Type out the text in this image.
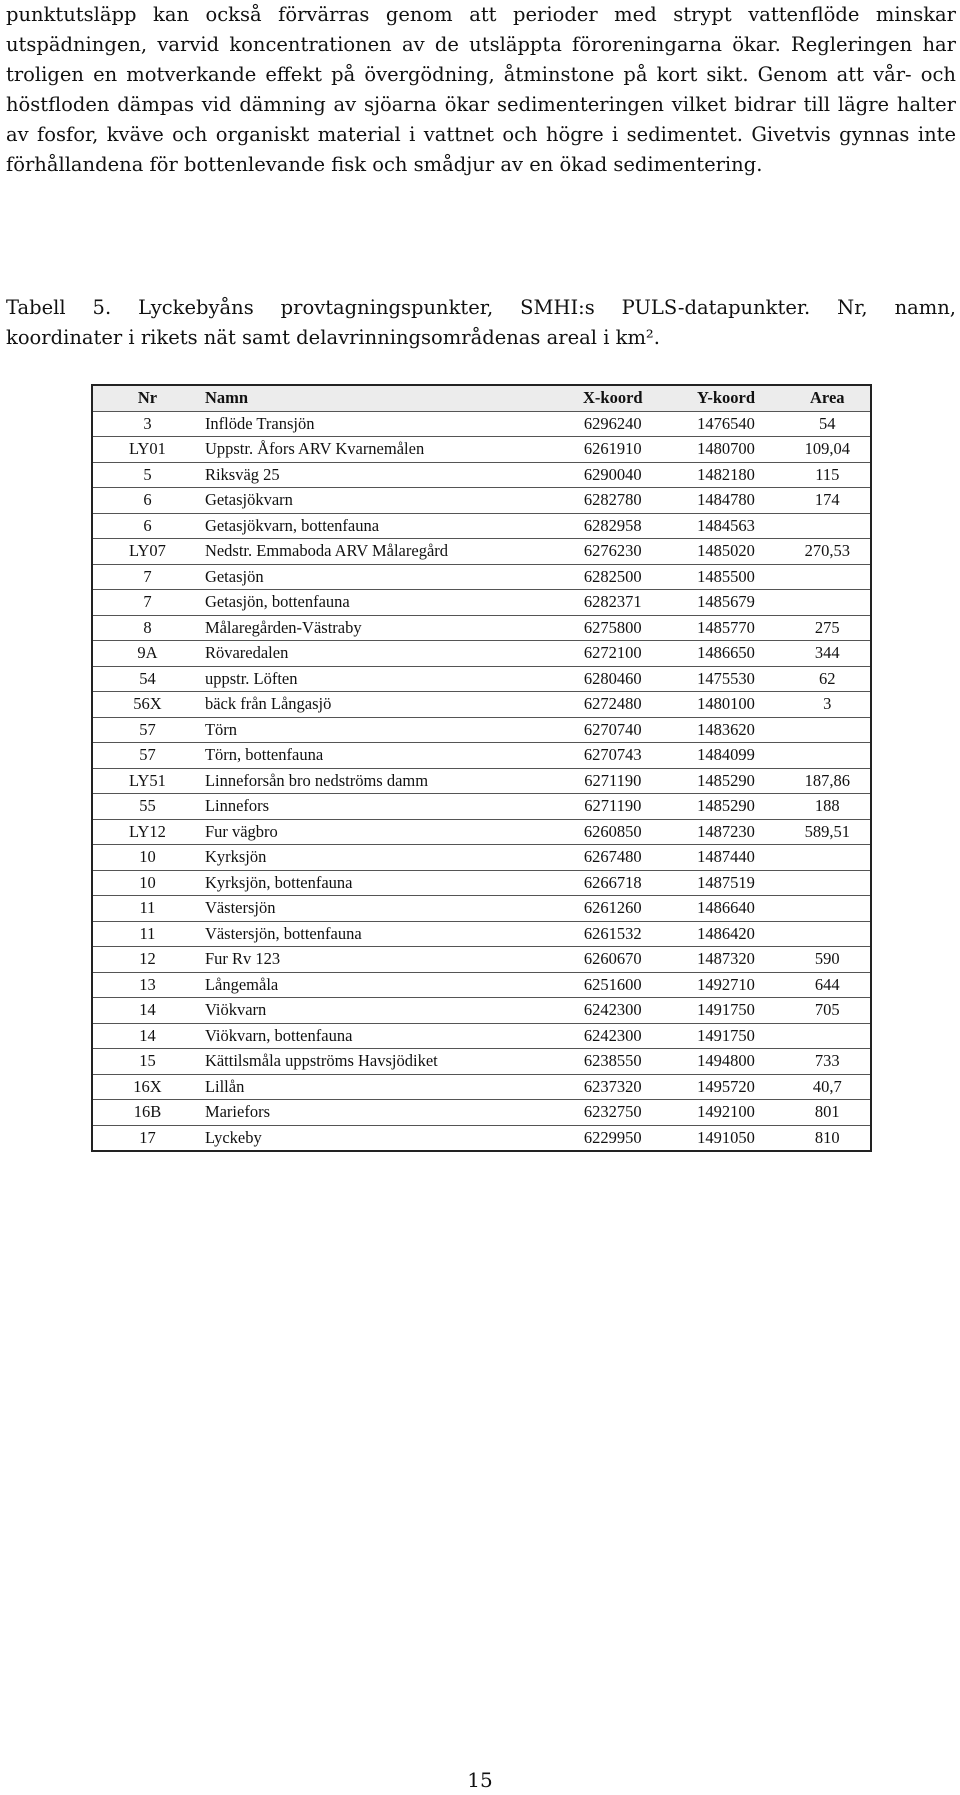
punktutsläpp kan också förvärras genom att perioder med strypt vattenflöde minskar
utspädningen, varvid koncentrationen av de utsläppta föroreningarna ökar. Regleringen har
troligen en motverkande effekt på övergödning, åtminstone på kort sikt. Genom att vår- och
höstfloden dämpas vid dämning av sjöarna ökar sedimenteringen vilket bidrar till lägre halter
av fosfor, kväve och organiskt material i vattnet och högre i sedimentet. Givetvis gynnas inte
förhållandena för bottenlevande fisk och smådjur av en ökad sedimentering.
Tabell 5. Lyckebyåns provtagningspunkter, SMHI:s PULS-datapunkter. Nr, namn,
koordinater i rikets nät samt delavrinningsområdenas areal i km².
Nr	Namn	X-koord	Y-koord	Area
3	Inflöde Transjön	6296240	1476540	54
LY01	Uppstr. Åfors ARV Kvarnemålen	6261910	1480700	109,04
5	Riksväg 25	6290040	1482180	115
6	Getasjökvarn	6282780	1484780	174
6	Getasjökvarn, bottenfauna	6282958	1484563	
LY07	Nedstr. Emmaboda ARV Målaregård	6276230	1485020	270,53
7	Getasjön	6282500	1485500	
7	Getasjön, bottenfauna	6282371	1485679	
8	Målaregården-Västraby	6275800	1485770	275
9A	Rövaredalen	6272100	1486650	344
54	uppstr. Löften	6280460	1475530	62
56X	bäck från Långasjö	6272480	1480100	3
57	Törn	6270740	1483620	
57	Törn, bottenfauna	6270743	1484099	
LY51	Linneforsån bro nedströms damm	6271190	1485290	187,86
55	Linnefors	6271190	1485290	188
LY12	Fur vägbro	6260850	1487230	589,51
10	Kyrksjön	6267480	1487440	
10	Kyrksjön, bottenfauna	6266718	1487519	
11	Västersjön	6261260	1486640	
11	Västersjön, bottenfauna	6261532	1486420	
12	Fur Rv 123	6260670	1487320	590
13	Långemåla	6251600	1492710	644
14	Viökvarn	6242300	1491750	705
14	Viökvarn, bottenfauna	6242300	1491750	
15	Kättilsmåla uppströms Havsjödiket	6238550	1494800	733
16X	Lillån	6237320	1495720	40,7
16B	Mariefors	6232750	1492100	801
17	Lyckeby	6229950	1491050	810
15
